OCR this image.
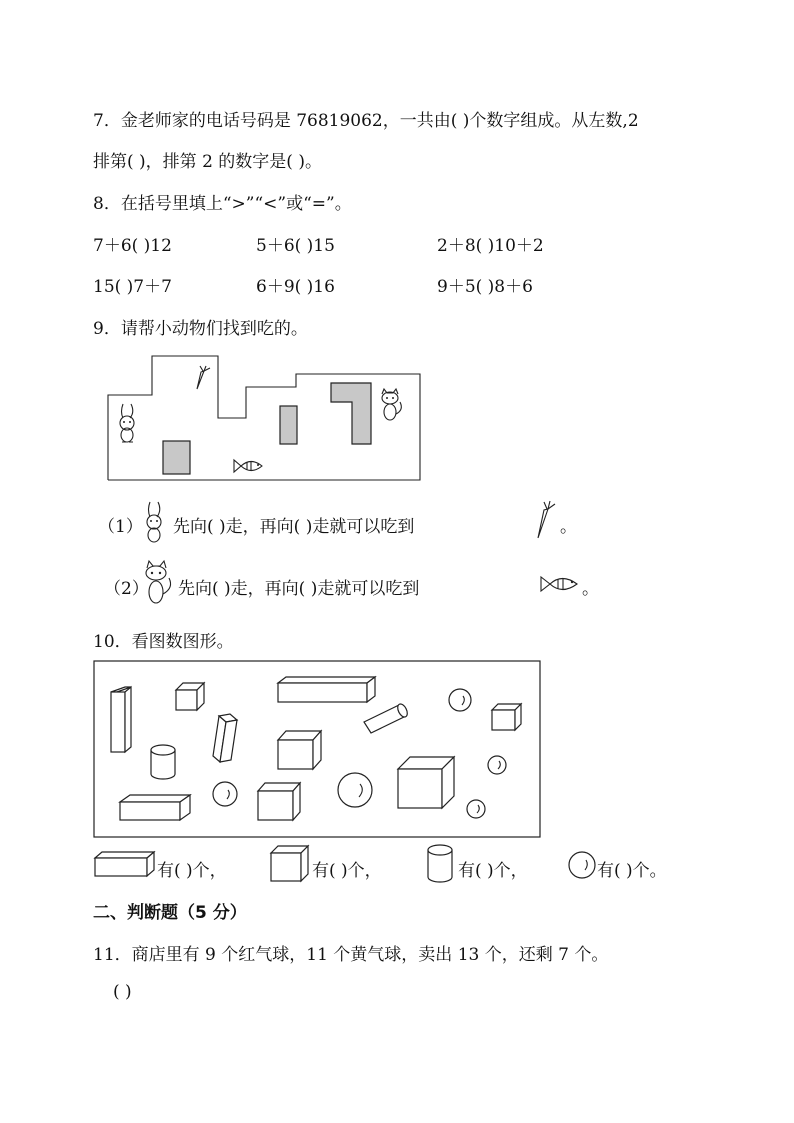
7．金老师家的电话号码是 76819062，一共由( )个数字组成。从左数,2
排第( )，排第 2 的数字是( )。
8．在括号里填上“>”“<”或“=”。
7＋6( )12	5＋6( )15	2＋8( )10＋2
15( )7＋7	6＋9( )16	9＋5( )8＋6
9．请帮小动物们找到吃的。
（1） 先向( )走，再向( )走就可以吃到	。
（2） 先向( )走，再向( )走就可以吃到	。
10．看图数图形。
有( )个，	有( )个，	有( )个，	有( )个。
二、判断题（5 分）
11．商店里有 9 个红气球，11 个黄气球，卖出 13 个，还剩 7 个。
( )
